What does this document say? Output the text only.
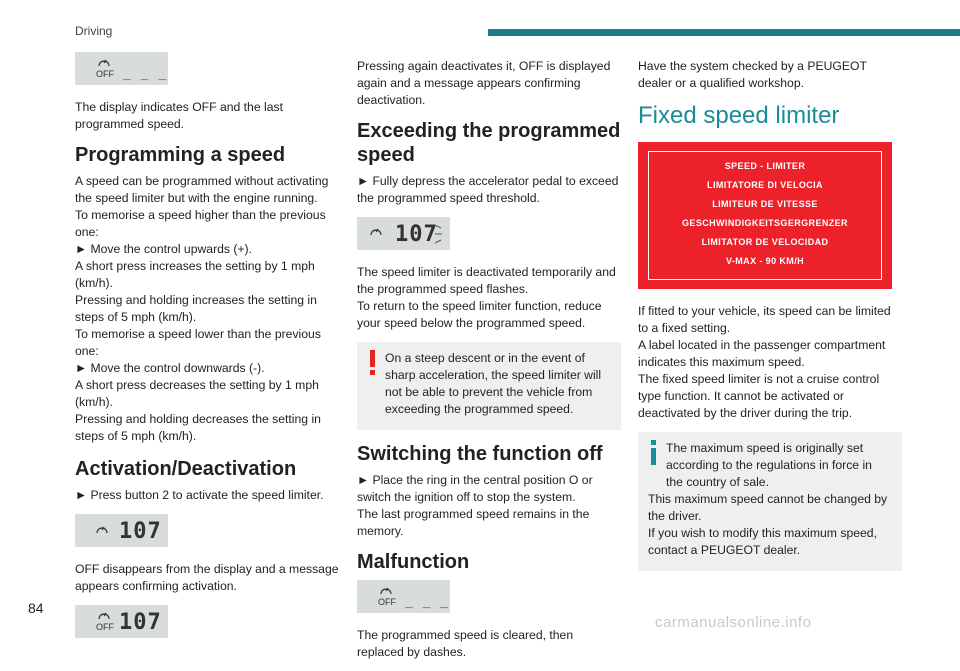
Driving
OFF _ _ _

The display indicates OFF and the last programmed speed.

Programming a speed

A speed can be programmed without activating the speed limiter but with the engine running.

To memorise a speed higher than the previous one:

► Move the control upwards (+).

A short press increases the setting by 1 mph (km/h).

Pressing and holding increases the setting in steps of 5 mph (km/h).

To memorise a speed lower than the previous one:

► Move the control downwards (-).

A short press decreases the setting by 1 mph (km/h).

Pressing and holding decreases the setting in steps of 5 mph (km/h).

Activation/Deactivation

► Press button 2 to activate the speed limiter.

107

OFF disappears from the display and a message appears confirming activation.

OFF 107

Pressing again deactivates it, OFF is displayed again and a message appears confirming deactivation.

Exceeding the programmed speed

► Fully depress the accelerator pedal to exceed the programmed speed threshold.

107

The speed limiter is deactivated temporarily and the programmed speed flashes.

To return to the speed limiter function, reduce your speed below the programmed speed.

On a steep descent or in the event of sharp acceleration, the speed limiter will not be able to prevent the vehicle from exceeding the programmed speed.

Switching the function off

► Place the ring in the central position O or switch the ignition off to stop the system.

The last programmed speed remains in the memory.

Malfunction
OFF _ _ _

The programmed speed is cleared, then replaced by dashes.

Have the system checked by a PEUGEOT dealer or a qualified workshop.

Fixed speed limiter
SPEED - LIMITER
LIMITATORE DI VELOCIA
LIMITEUR DE VITESSE
GESCHWINDIGKEITSGERGRENZER
LIMITATOR DE VELOCIDAD
V-MAX - 90 KM/H

If fitted to your vehicle, its speed can be limited to a fixed setting.

A label located in the passenger compartment indicates this maximum speed.

The fixed speed limiter is not a cruise control type function. It cannot be activated or deactivated by the driver during the trip.

The maximum speed is originally set according to the regulations in force in the country of sale.

This maximum speed cannot be changed by the driver.

If you wish to modify this maximum speed, contact a PEUGEOT dealer.

84
carmanualsonline.info
